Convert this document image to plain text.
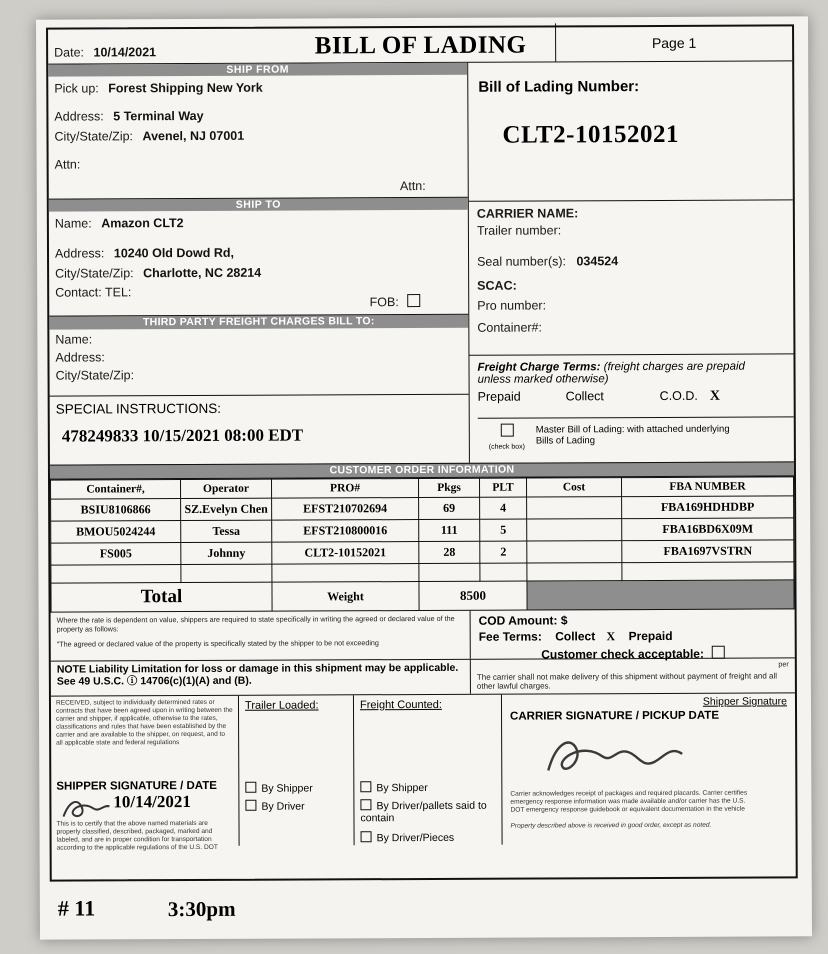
Date: 10/14/2021	BILL OF LADING	Page 1
SHIP FROM
Pick up: Forest Shipping New York
Address: 5 Terminal Way
City/State/Zip: Avenel, NJ 07001
Attn:
Attn:
SHIP TO
Name: Amazon CLT2
Address: 10240 Old Dowd Rd,
City/State/Zip: Charlotte, NC 28214
Contact: TEL:
FOB:
THIRD PARTY FREIGHT CHARGES BILL TO:
Name:
Address:
City/State/Zip:
SPECIAL INSTRUCTIONS:
478249833 10/15/2021 08:00 EDT
Bill of Lading Number:
CLT2-10152021
CARRIER NAME:
Trailer number:
Seal number(s): 034524
SCAC:
Pro number:
Container#:
Freight Charge Terms: (freight charges are prepaid
unless marked otherwise)
Prepaid	Collect	C.O.D. X
(check box)
Master Bill of Lading: with attached underlying
Bills of Lading
CUSTOMER ORDER INFORMATION
Container#,	Operator	PRO#	Pkgs	PLT	Cost	FBA NUMBER
BSIU8106866	SZ.Evelyn Chen	EFST210702694	69	4		FBA169HDHDBP
BMOU5024244	Tessa	EFST210800016	111	5		FBA16BD6X09M
FS005	Johnny	CLT2-10152021	28	2		FBA1697VSTRN

Total		Weight	8500			
Where the rate is dependent on value, shippers are required to state specifically in writing the agreed or declared value of the property as follows:
"The agreed or declared value of the property is specifically stated by the shipper to be not exceeding
COD Amount: $
Fee Terms: Collect X Prepaid
Customer check acceptable:
NOTE Liability Limitation for loss or damage in this shipment may be applicable. See 49 U.S.C. ⓘ 14706(c)(1)(A) and (B).
per
The carrier shall not make delivery of this shipment without payment of freight and all other lawful charges.
RECEIVED, subject to individually determined rates or contracts that have been agreed upon in writing between the carrier and shipper, if applicable, otherwise to the rates, classifications and rules that have been established by the carrier and are available to the shipper, on request, and to all applicable state and federal regulations
SHIPPER SIGNATURE / DATE
10/14/2021
This is to certify that the above named materials are properly classified, described, packaged, marked and labeled, and are in proper condition for transportation according to the applicable regulations of the U.S. DOT
Trailer Loaded:
By Shipper
By Driver
Freight Counted:
By Shipper
By Driver/pallets said to contain
By Driver/Pieces
Shipper Signature
CARRIER SIGNATURE / PICKUP DATE
Carrier acknowledges receipt of packages and required placards. Carrier certifies emergency response information was made available and/or carrier has the U.S. DOT emergency response guidebook or equivalent documentation in the vehicle
Property described above is received in good order, except as noted.
# 11	3:30pm
